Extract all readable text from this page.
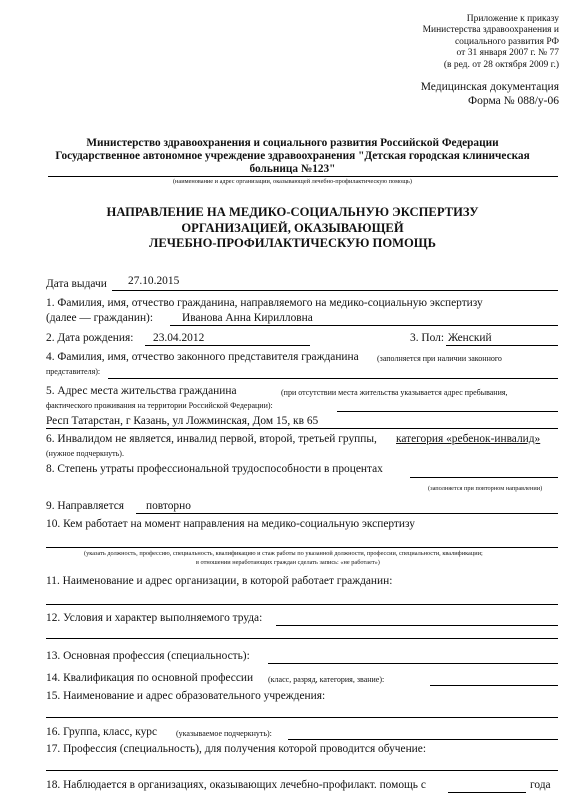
Приложение к приказу
Министерства здравоохранения и
социального развития РФ
от 31 января 2007 г. № 77
(в ред. от 28 октября 2009 г.)
Медицинская документация
Форма № 088/у-06
Министерство здравоохранения и социального развития Российской Федерации
Государственное автономное учреждение здравоохранения "Детская городская клиническая
больница №123"
(наименование и адрес организации, оказывающей лечебно-профилактическую помощь)
НАПРАВЛЕНИЕ НА МЕДИКО-СОЦИАЛЬНУЮ ЭКСПЕРТИЗУ
ОРГАНИЗАЦИЕЙ, ОКАЗЫВАЮЩЕЙ
ЛЕЧЕБНО-ПРОФИЛАКТИЧЕСКУЮ ПОМОЩЬ
Дата выдачи 27.10.2015
1. Фамилия, имя, отчество гражданина, направляемого на медико-социальную экспертизу
(далее — гражданин):	Иванова Анна Кирилловна
2. Дата рождения: 23.04.2012	3. Пол: Женский
4. Фамилия, имя, отчество законного представителя гражданина (заполняется при наличии законного
представителя):
5. Адрес места жительства гражданина	(при отсутствии места жительства указывается адрес пребывания,
фактического проживания на территории Российской Федерации):
Респ Татарстан, г Казань, ул Ложминская, Дом 15, кв 65
6. Инвалидом не является, инвалид первой, второй, третьей группы, категория «ребенок-инвалид»
(нужное подчеркнуть).
8. Степень утраты профессиональной трудоспособности в процентах
(заполняется при повторном направлении)
9. Направляется повторно
10. Кем работает на момент направления на медико-социальную экспертизу
(указать должность, профессию, специальность, квалификацию и стаж работы по указанной должности, профессии, специальности, квалификации;
в отношении неработающих граждан сделать запись: «не работает»)
11. Наименование и адрес организации, в которой работает гражданин:
12. Условия и характер выполняемого труда:
13. Основная профессия (специальность):
14. Квалификация по основной профессии (класс, разряд, категория, звание):
15. Наименование и адрес образовательного учреждения:
16. Группа, класс, курс (указываемое подчеркнуть):
17. Профессия (специальность), для получения которой проводится обучение:
18. Наблюдается в организациях, оказывающих лечебно-профилакт. помощь с	года
